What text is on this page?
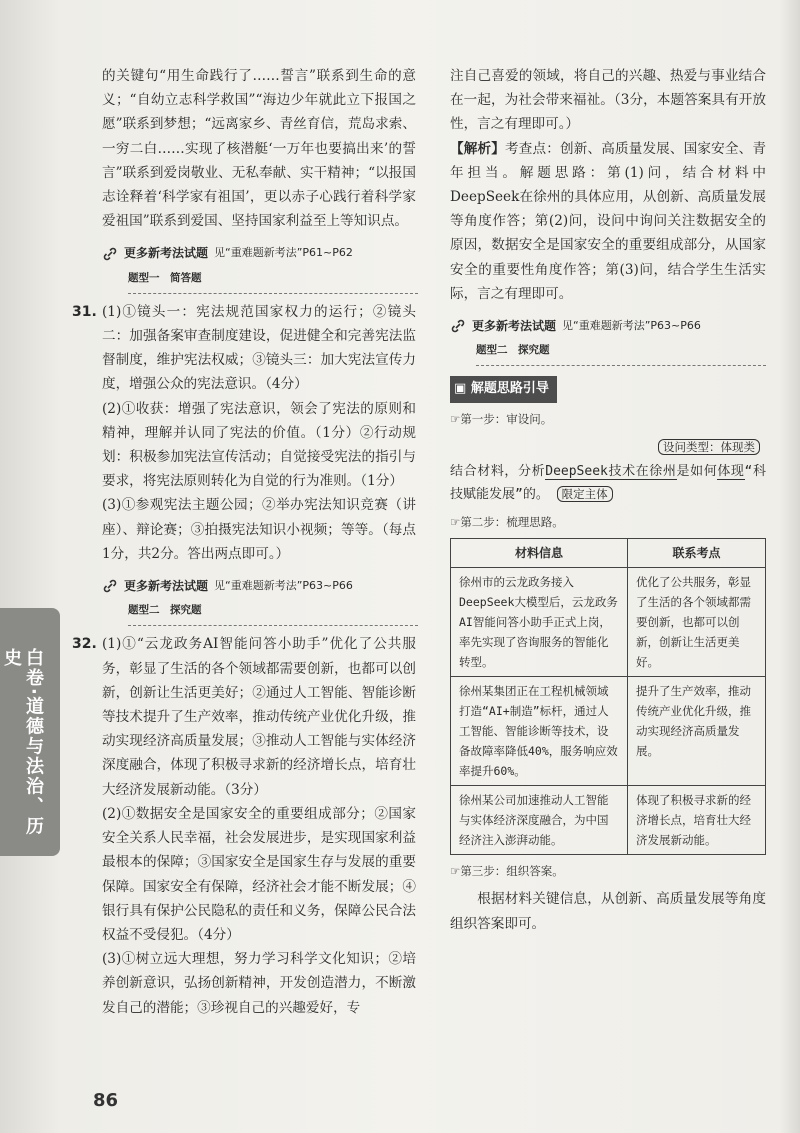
白卷·道德与法治、历史

的关键句“用生命践行了……誓言”联系到生命的意义；“自幼立志科学救国”“海边少年就此立下报国之愿”联系到梦想；“远离家乡、青丝育信，荒岛求索、一穷二白……实现了核潜艇‘一万年也要搞出来’的誓言”联系到爱岗敬业、无私奉献、实干精神；“以报国志诠释着‘科学家有祖国’，更以赤子心践行着科学家爱祖国”联系到爱国、坚持国家利益至上等知识点。

更多新考法试题 见“重难题新考法”P61~P62
题型一　简答题
31. (1)①镜头一：宪法规范国家权力的运行；②镜头二：加强备案审查制度建设，促进健全和完善宪法监督制度，维护宪法权威；③镜头三：加大宪法宣传力度，增强公众的宪法意识。（4分）

(2)①收获：增强了宪法意识，领会了宪法的原则和精神，理解并认同了宪法的价值。（1分）②行动规划：积极参加宪法宣传活动；自觉接受宪法的指引与要求，将宪法原则转化为自觉的行为准则。（1分）

(3)①参观宪法主题公园；②举办宪法知识竞赛（讲座）、辩论赛；③拍摄宪法知识小视频；等等。（每点1分，共2分。答出两点即可。）

更多新考法试题 见“重难题新考法”P63~P66
题型二　探究题
32. (1)①“云龙政务AI智能问答小助手”优化了公共服务，彰显了生活的各个领域都需要创新，也都可以创新，创新让生活更美好；②通过人工智能、智能诊断等技术提升了生产效率，推动传统产业优化升级，推动实现经济高质量发展；③推动人工智能与实体经济深度融合，体现了积极寻求新的经济增长点，培育壮大经济发展新动能。（3分）

(2)①数据安全是国家安全的重要组成部分；②国家安全关系人民幸福，社会发展进步，是实现国家利益最根本的保障；③国家安全是国家生存与发展的重要保障。国家安全有保障，经济社会才能不断发展；④银行具有保护公民隐私的责任和义务，保障公民合法权益不受侵犯。（4分）

(3)①树立远大理想，努力学习科学文化知识；②培养创新意识，弘扬创新精神，开发创造潜力，不断激发自己的潜能；③珍视自己的兴趣爱好，专

注自己喜爱的领域，将自己的兴趣、热爱与事业结合在一起，为社会带来福祉。（3分，本题答案具有开放性，言之有理即可。）

【解析】考查点：创新、高质量发展、国家安全、青年担当。解题思路：第(1)问，结合材料中DeepSeek在徐州的具体应用，从创新、高质量发展等角度作答；第(2)问，设问中询问关注数据安全的原因，数据安全是国家安全的重要组成部分，从国家安全的重要性角度作答；第(3)问，结合学生生活实际，言之有理即可。

更多新考法试题 见“重难题新考法”P63~P66
题型二　探究题
▣ 解题思路引导
☞第一步：审设问。
设问类型：体现类

结合材料，分析DeepSeek技术在徐州是如何体现“科技赋能发展”的。 限定主体

☞第二步：梳理思路。
材料信息	联系考点
徐州市的云龙政务接入DeepSeek大模型后，云龙政务AI智能问答小助手正式上岗，率先实现了咨询服务的智能化转型。	优化了公共服务，彰显了生活的各个领域都需要创新，也都可以创新，创新让生活更美好。
徐州某集团正在工程机械领域打造“AI+制造”标杆，通过人工智能、智能诊断等技术，设备故障率降低40%，服务响应效率提升60%。	提升了生产效率，推动传统产业优化升级，推动实现经济高质量发展。
徐州某公司加速推动人工智能与实体经济深度融合，为中国经济注入澎湃动能。	体现了积极寻求新的经济增长点，培育壮大经济发展新动能。
☞第三步：组织答案。

根据材料关键信息，从创新、高质量发展等角度组织答案即可。

86
